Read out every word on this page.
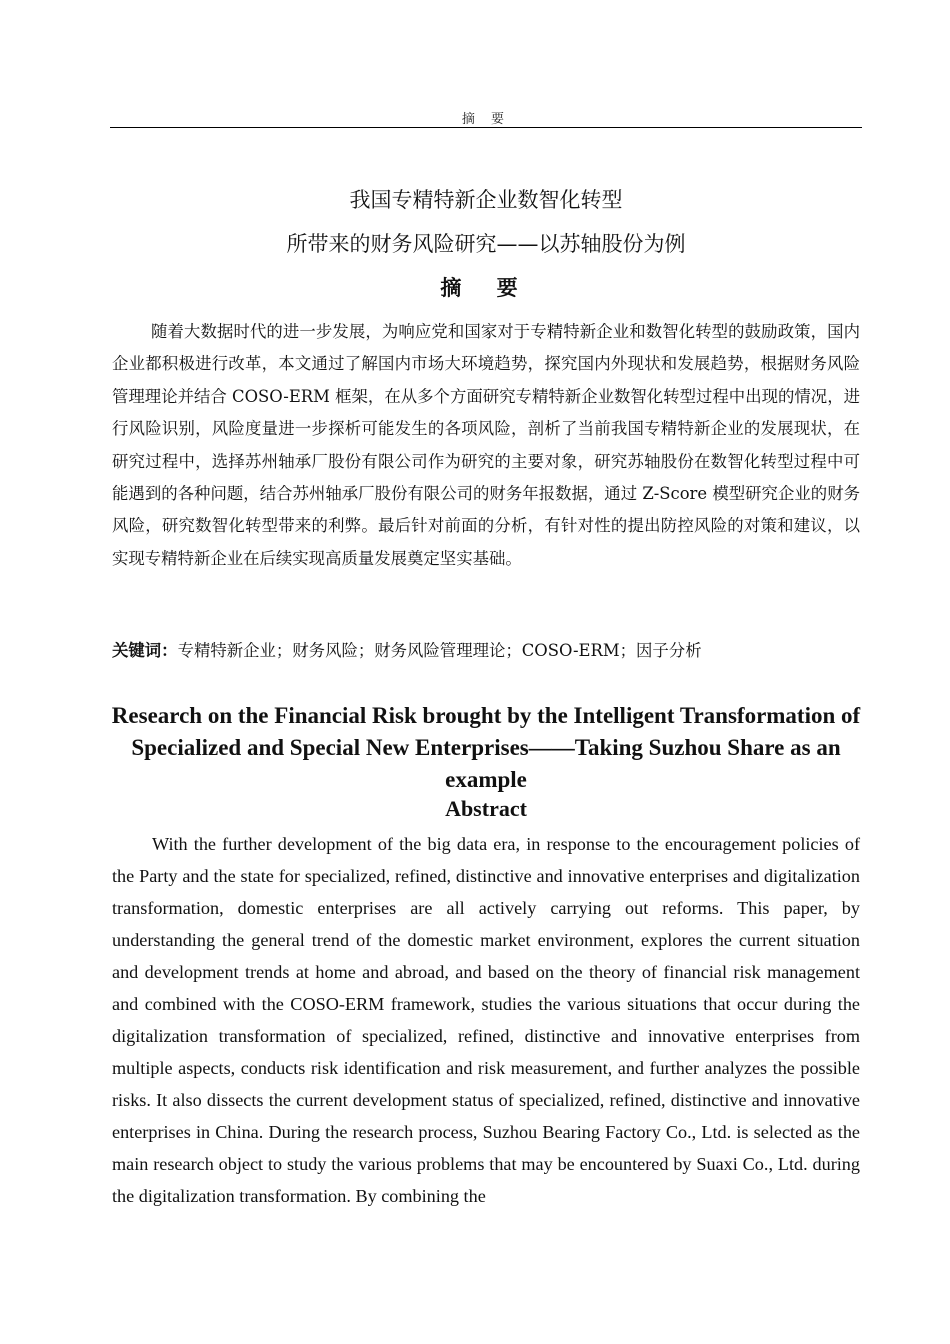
摘 要
我国专精特新企业数智化转型
所带来的财务风险研究——以苏轴股份为例
摘 要

随着大数据时代的进一步发展，为响应党和国家对于专精特新企业和数智化转型的鼓励政策，国内企业都积极进行改革，本文通过了解国内市场大环境趋势，探究国内外现状和发展趋势，根据财务风险管理理论并结合 COSO-ERM 框架，在从多个方面研究专精特新企业数智化转型过程中出现的情况，进行风险识别，风险度量进一步探析可能发生的各项风险，剖析了当前我国专精特新企业的发展现状，在研究过程中，选择苏州轴承厂股份有限公司作为研究的主要对象，研究苏轴股份在数智化转型过程中可能遇到的各种问题，结合苏州轴承厂股份有限公司的财务年报数据，通过 Z-Score 模型研究企业的财务风险，研究数智化转型带来的利弊。最后针对前面的分析，有针对性的提出防控风险的对策和建议，以实现专精特新企业在后续实现高质量发展奠定坚实基础。

关键词：专精特新企业；财务风险；财务风险管理理论；COSO-ERM；因子分析
Research on the Financial Risk brought by the Intelligent Transformation of Specialized and Special New Enterprises——Taking Suzhou Share as an example
Abstract

With the further development of the big data era, in response to the encouragement policies of the Party and the state for specialized, refined, distinctive and innovative enterprises and digitalization transformation, domestic enterprises are all actively carrying out reforms. This paper, by understanding the general trend of the domestic market environment, explores the current situation and development trends at home and abroad, and based on the theory of financial risk management and combined with the COSO-ERM framework, studies the various situations that occur during the digitalization transformation of specialized, refined, distinctive and innovative enterprises from multiple aspects, conducts risk identification and risk measurement, and further analyzes the possible risks. It also dissects the current development status of specialized, refined, distinctive and innovative enterprises in China. During the research process, Suzhou Bearing Factory Co., Ltd. is selected as the main research object to study the various problems that may be encountered by Suaxi Co., Ltd. during the digitalization transformation. By combining the
